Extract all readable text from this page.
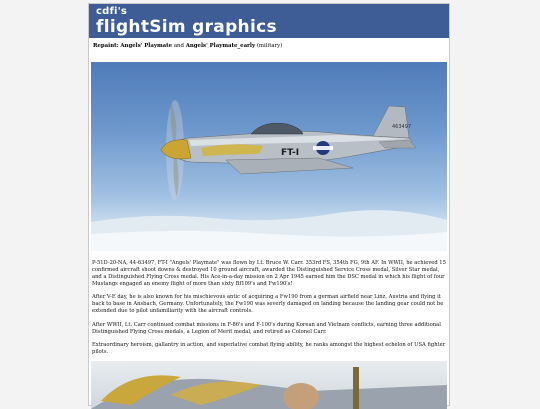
cdfi's
flightSim graphics
Repaint: Angels' Playmate and Angels' Playmate_early (military)
463497
FT-I
P-51D-20-NA, 44-63497, FT-I "Angels' Playmate" was flown by Lt. Bruce W. Carr. 353rd FS, 354th FG, 9th AF. In WWII, he achieved 15 confirmed aircraft shoot downs & destroyed 10 ground aircraft, awarded the Distinguished Service Cross medal, Silver Star medal, and a Distinguished Flying Cross medal. His Ace-in-a-day mission on 2 Apr 1945 earned him the DSC medal in which his flight of four Mustangs engaged an enemy flight of more than sixty Bf109's and Fw190's!
After V-E day, he is also known for his mischievous antic of acquiring a Fw190 from a german airfield near Linz, Austria and flying it back to base in Ansbach, Germany. Unfortunately, the Fw190 was severly damaged on landing because the landing gear could not be extended due to pilot unfamiliarity with the aircraft controls.
After WWII, Lt. Carr continued combat missions in F-86's and F-100's during Korean and Vietnam conflicts, earning three additional Distinguished Flying Cross medals, a Legion of Merit medal, and retired as Colonel Carr.
Extraordinary heroism, gallantry in action, and superlative combat flying ability, he ranks amongst the highest echelon of USA fighter pilots.
